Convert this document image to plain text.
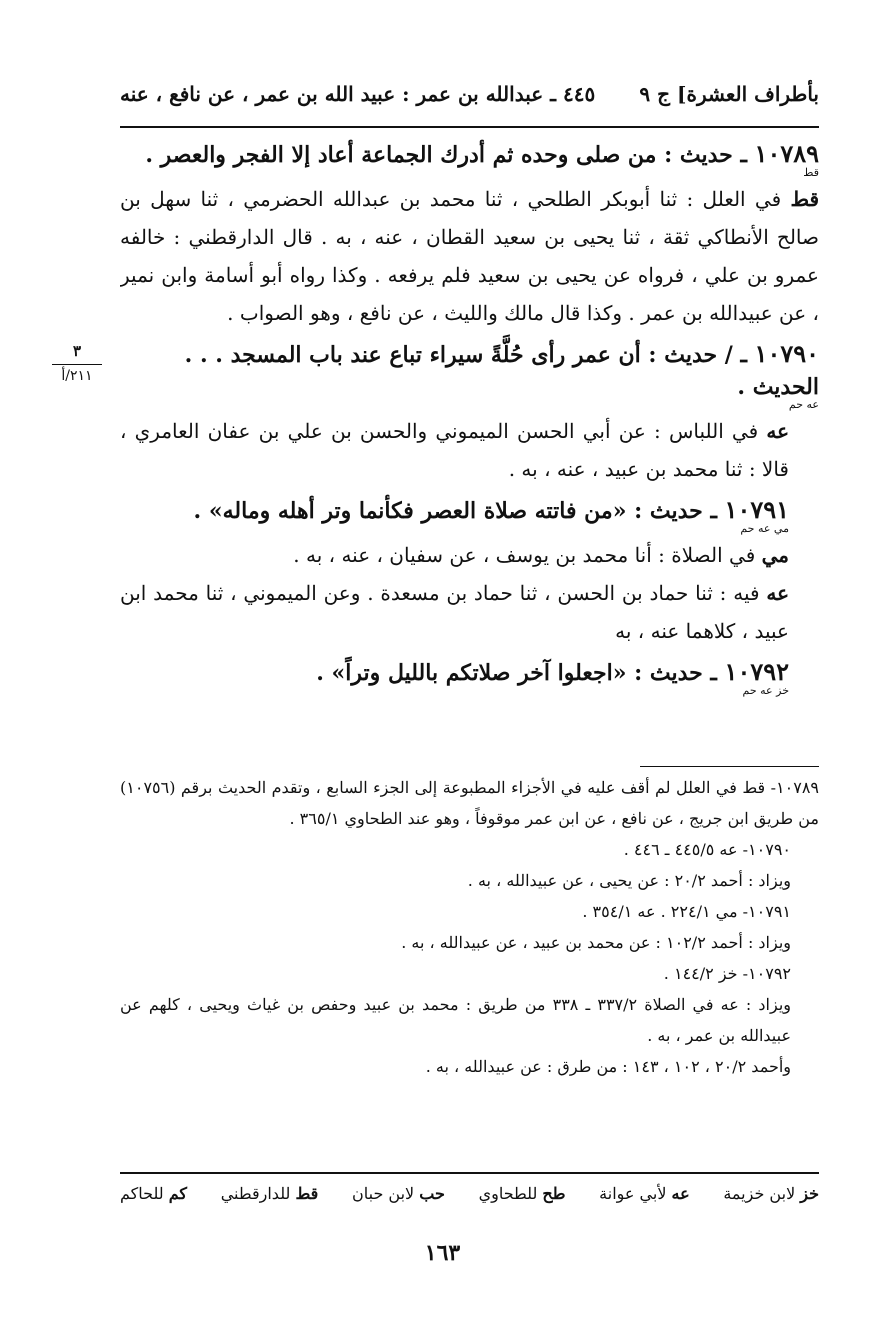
بأطراف العشرة] ج ٩
٤٤٥ ـ عبدالله بن عمر : عبيد الله بن عمر ، عن نافع ، عنه
٣
٢١١/أ
١٠٧٨٩ ـ حديث : من صلى وحده ثم أدرك الجماعة أعاد إلا الفجر والعصر .
قط

قط في العلل : ثنا أبوبكر الطلحي ، ثنا محمد بن عبدالله الحضرمي ، ثنا سهل بن صالح الأنطاكي ثقة ، ثنا يحيى بن سعيد القطان ، عنه ، به . قال الدارقطني : خالفه عمرو بن علي ، فرواه عن يحيى بن سعيد فلم يرفعه . وكذا رواه أبو أسامة وابن نمير ، عن عبيدالله بن عمر . وكذا قال مالك والليث ، عن نافع ، وهو الصواب .

١٠٧٩٠ ـ / حديث : أن عمر رأى حُلَّةً سيراء تباع عند باب المسجد . . . الحديث .
عه حم

عه في اللباس : عن أبي الحسن الميموني والحسن بن علي بن عفان العامري ، قالا : ثنا محمد بن عبيد ، عنه ، به .

١٠٧٩١ ـ حديث : «من فاتته صلاة العصر فكأنما وتر أهله وماله» .
مي عه حم

مي في الصلاة : أنا محمد بن يوسف ، عن سفيان ، عنه ، به .

عه فيه : ثنا حماد بن الحسن ، ثنا حماد بن مسعدة . وعن الميموني ، ثنا محمد ابن عبيد ، كلاهما عنه ، به

١٠٧٩٢ ـ حديث : «اجعلوا آخر صلاتكم بالليل وتراً» .
خز عه حم
١٠٧٨٩- قط في العلل لم أقف عليه في الأجزاء المطبوعة إلى الجزء السابع ، وتقدم الحديث برقم (١٠٧٥٦) من طريق ابن جريج ، عن نافع ، عن ابن عمر موقوفاً ، وهو عند الطحاوي ٣٦٥/١ .
١٠٧٩٠- عه ٤٤٥/٥ ـ ٤٤٦ .
ويزاد : أحمد ٢٠/٢ : عن يحيى ، عن عبيدالله ، به .
١٠٧٩١- مي ٢٢٤/١ . عه ٣٥٤/١ .
ويزاد : أحمد ١٠٢/٢ : عن محمد بن عبيد ، عن عبيدالله ، به .
١٠٧٩٢- خز ١٤٤/٢ .
ويزاد : عه في الصلاة ٣٣٧/٢ ـ ٣٣٨ من طريق : محمد بن عبيد وحفص بن غياث ويحيى ، كلهم عن عبيدالله بن عمر ، به .
وأحمد ٢٠/٢ ، ١٠٢ ، ١٤٣ : من طرق : عن عبيدالله ، به .
خز لابن خزيمة
عه لأبي عوانة
طح للطحاوي
حب لابن حبان
قط للدارقطني
كم للحاكم
١٦٣
